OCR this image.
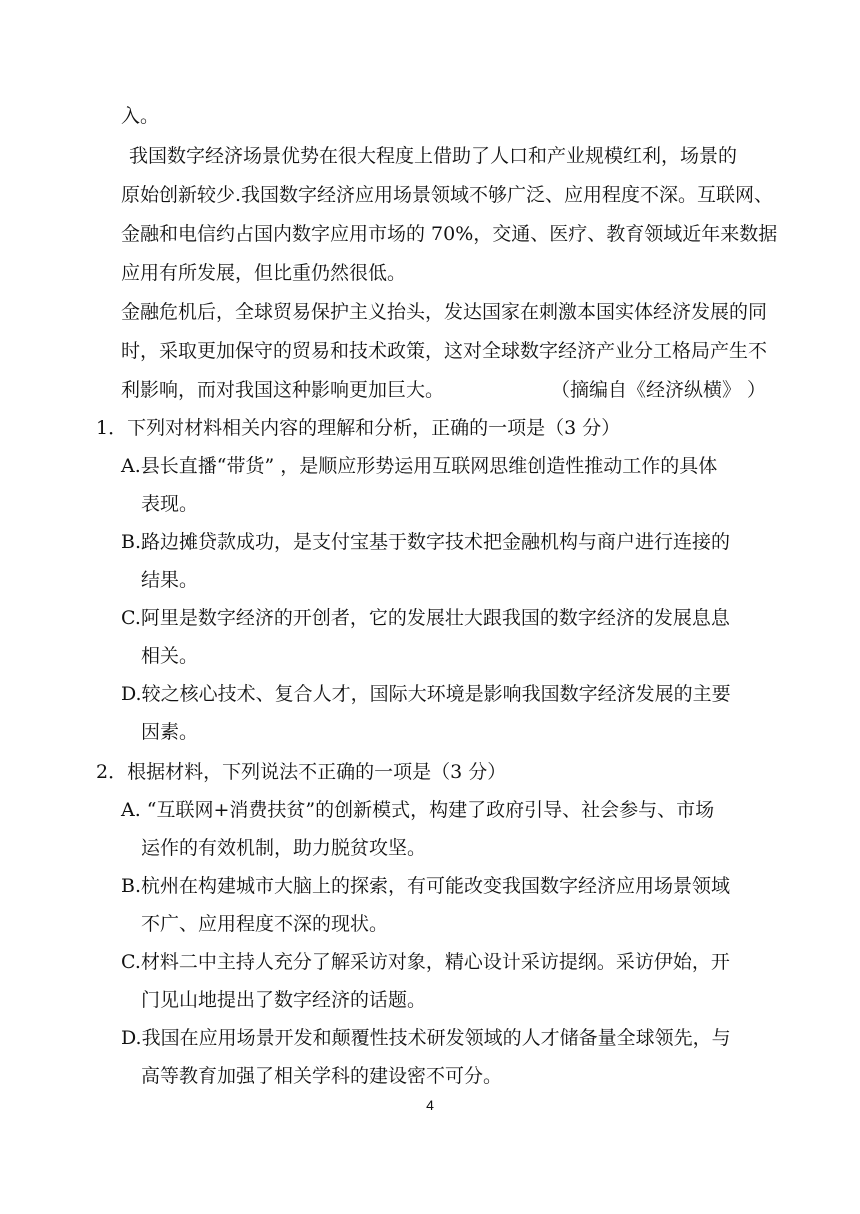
入。
我国数字经济场景优势在很大程度上借助了人口和产业规模红利，场景的
原始创新较少.我国数字经济应用场景领域不够广泛、应用程度不深。互联网、
金融和电信约占国内数字应用市场的 70%，交通、医疗、教育领域近年来数据
应用有所发展，但比重仍然很低。
金融危机后，全球贸易保护主义抬头，发达国家在刺激本国实体经济发展的同
时，采取更加保守的贸易和技术政策，这对全球数字经济产业分工格局产生不
利影响，而对我国这种影响更加巨大。	（摘编自《经济纵横》 ）
1．下列对材料相关内容的理解和分析，正确的一项是（3 分）
A.县长直播“带货” ，是顺应形势运用互联网思维创造性推动工作的具体
表现。
B.路边摊贷款成功，是支付宝基于数字技术把金融机构与商户进行连接的
结果。
C.阿里是数字经济的开创者，它的发展壮大跟我国的数字经济的发展息息
相关。
D.较之核心技术、复合人才，国际大环境是影响我国数字经济发展的主要
因素。
2．根据材料，下列说法不正确的一项是（3 分）
A. “互联网+消费扶贫”的创新模式，构建了政府引导、社会参与、市场
运作的有效机制，助力脱贫攻坚。
B.杭州在构建城市大脑上的探索，有可能改变我国数字经济应用场景领域
不广、应用程度不深的现状。
C.材料二中主持人充分了解采访对象，精心设计采访提纲。采访伊始，开
门见山地提出了数字经济的话题。
D.我国在应用场景开发和颠覆性技术研发领域的人才储备量全球领先，与
高等教育加强了相关学科的建设密不可分。
4
